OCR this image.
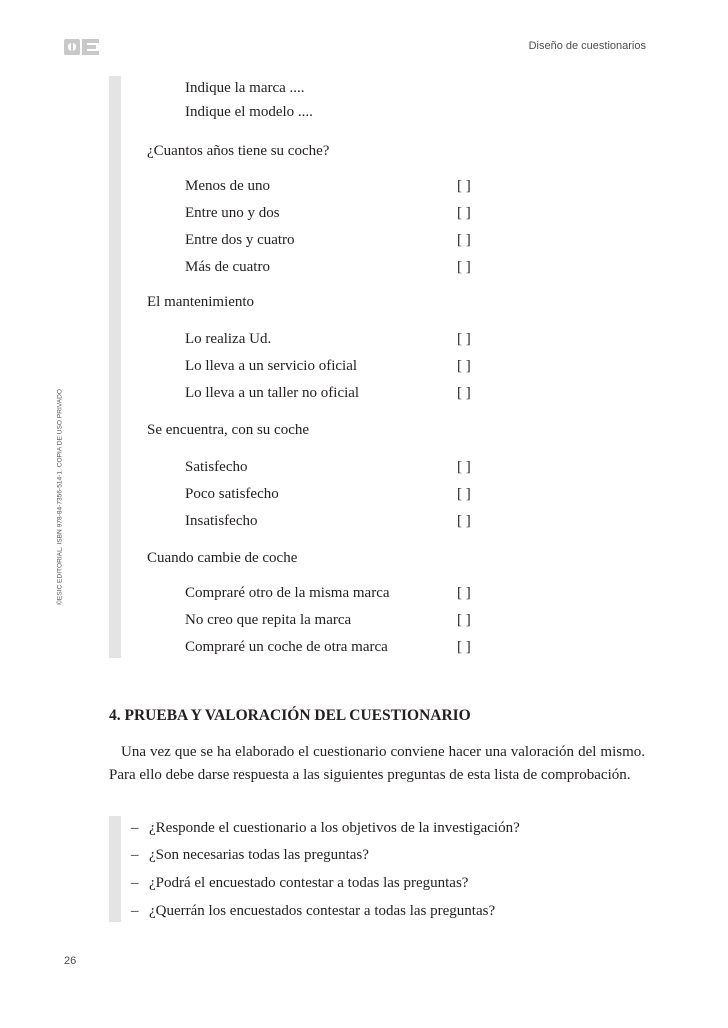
Diseño de cuestionarios
©ESIC EDITORIAL. ISBN 978-84-7356-514-1. COPIA DE USO PRIVADO
Indique la marca ....
Indique el modelo ....
¿Cuantos años tiene su coche?
Menos de uno	[ ]
Entre uno y dos	[ ]
Entre dos y cuatro	[ ]
Más de cuatro	[ ]
El mantenimiento
Lo realiza Ud.	[ ]
Lo lleva a un servicio oficial	[ ]
Lo lleva a un taller no oficial	[ ]
Se encuentra, con su coche
Satisfecho	[ ]
Poco satisfecho	[ ]
Insatisfecho	[ ]
Cuando cambie de coche
Compraré otro de la misma marca	[ ]
No creo que repita la marca	[ ]
Compraré un coche de otra marca	[ ]
4. PRUEBA Y VALORACIÓN DEL CUESTIONARIO

Una vez que se ha elaborado el cuestionario conviene hacer una valoración del mismo. Para ello debe darse respuesta a las siguientes preguntas de esta lista de comprobación.

– ¿Responde el cuestionario a los objetivos de la investigación?
– ¿Son necesarias todas las preguntas?
– ¿Podrá el encuestado contestar a todas las preguntas?
– ¿Querrán los encuestados contestar a todas las preguntas?
26
